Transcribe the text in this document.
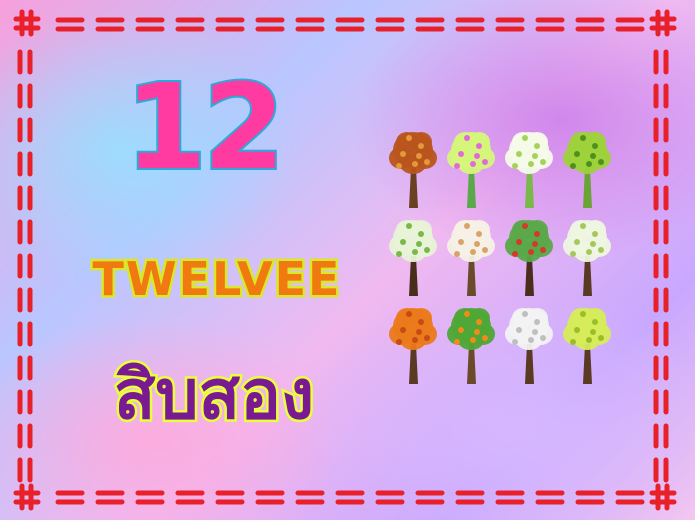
12
TWELVEE
สิบสอง
